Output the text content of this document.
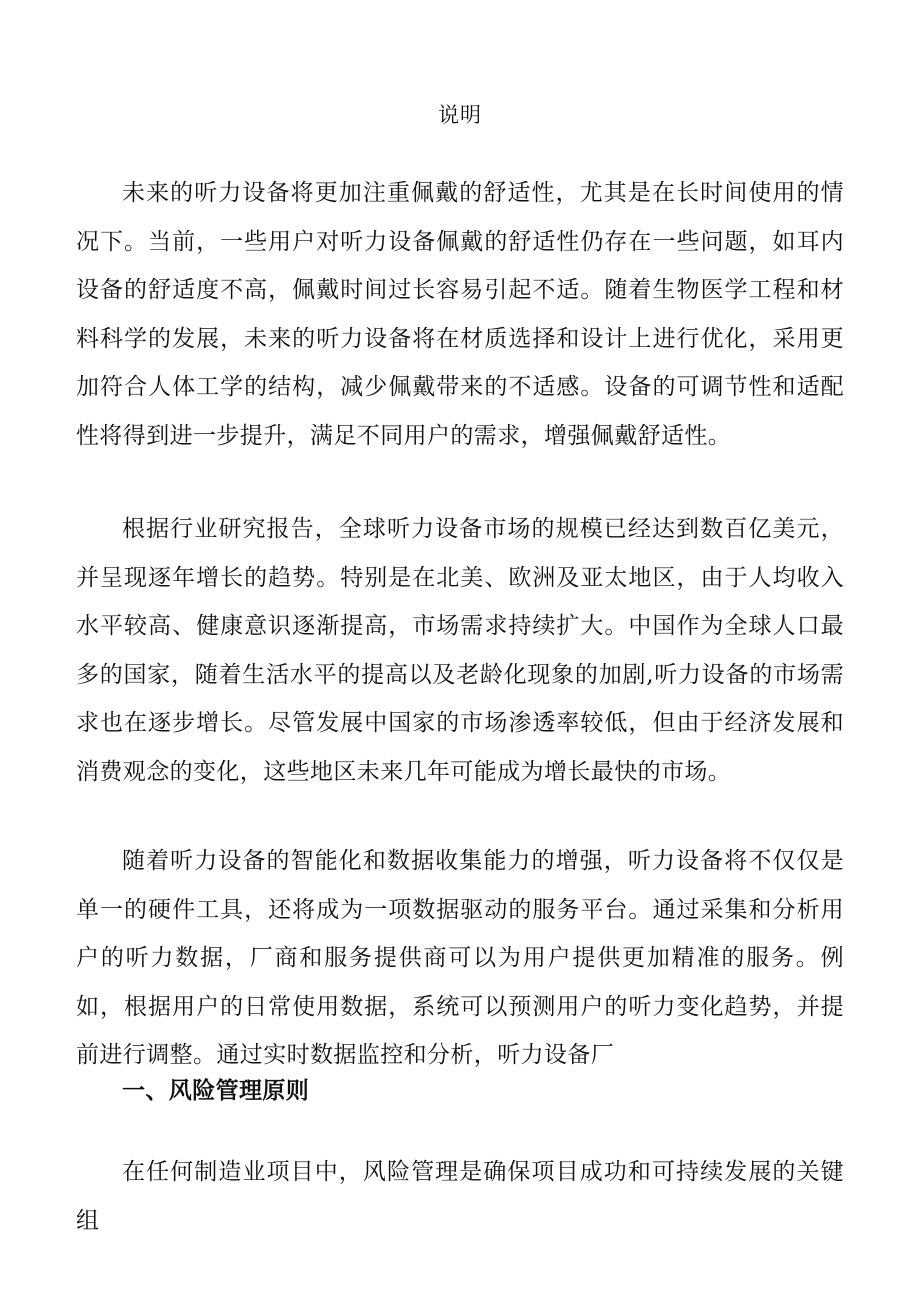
说明

未来的听力设备将更加注重佩戴的舒适性，尤其是在长时间使用的情况下。当前，一些用户对听力设备佩戴的舒适性仍存在一些问题，如耳内设备的舒适度不高，佩戴时间过长容易引起不适。随着生物医学工程和材料科学的发展，未来的听力设备将在材质选择和设计上进行优化，采用更加符合人体工学的结构，减少佩戴带来的不适感。设备的可调节性和适配性将得到进一步提升，满足不同用户的需求，增强佩戴舒适性。

根据行业研究报告，全球听力设备市场的规模已经达到数百亿美元，并呈现逐年增长的趋势。特别是在北美、欧洲及亚太地区，由于人均收入水平较高、健康意识逐渐提高，市场需求持续扩大。中国作为全球人口最多的国家，随着生活水平的提高以及老龄化现象的加剧,听力设备的市场需求也在逐步增长。尽管发展中国家的市场渗透率较低，但由于经济发展和消费观念的变化，这些地区未来几年可能成为增长最快的市场。

随着听力设备的智能化和数据收集能力的增强，听力设备将不仅仅是单一的硬件工具，还将成为一项数据驱动的服务平台。通过采集和分析用户的听力数据，厂商和服务提供商可以为用户提供更加精准的服务。例如，根据用户的日常使用数据，系统可以预测用户的听力变化趋势，并提前进行调整。通过实时数据监控和分析，听力设备厂

一、风险管理原则

在任何制造业项目中，风险管理是确保项目成功和可持续发展的关键组
